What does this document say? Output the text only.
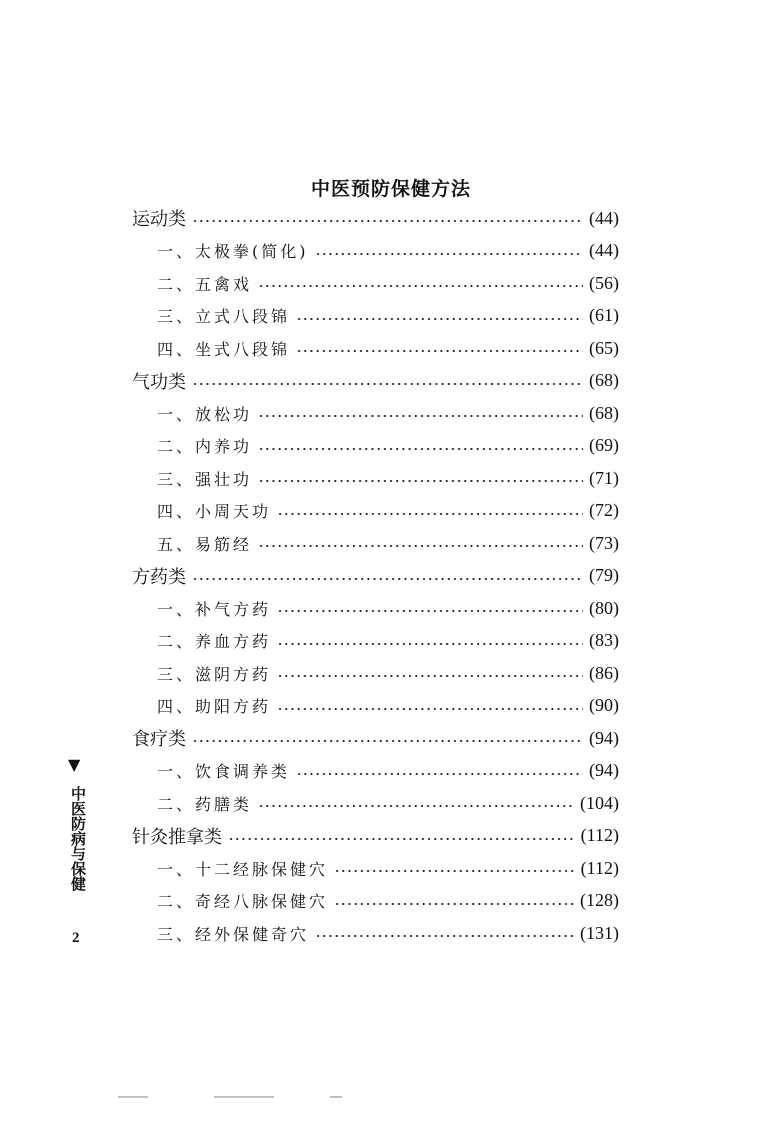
中医预防保健方法
运动类	(44)
一、太极拳(简化)	(44)
二、五禽戏	(56)
三、立式八段锦	(61)
四、坐式八段锦	(65)
气功类	(68)
一、放松功	(68)
二、内养功	(69)
三、强壮功	(71)
四、小周天功	(72)
五、易筋经	(73)
方药类	(79)
一、补气方药	(80)
二、养血方药	(83)
三、滋阴方药	(86)
四、助阳方药	(90)
食疗类	(94)
一、饮食调养类	(94)
二、药膳类	(104)
针灸推拿类	(112)
一、十二经脉保健穴	(112)
二、奇经八脉保健穴	(128)
三、经外保健奇穴	(131)
▼
中医防病与保健
2
